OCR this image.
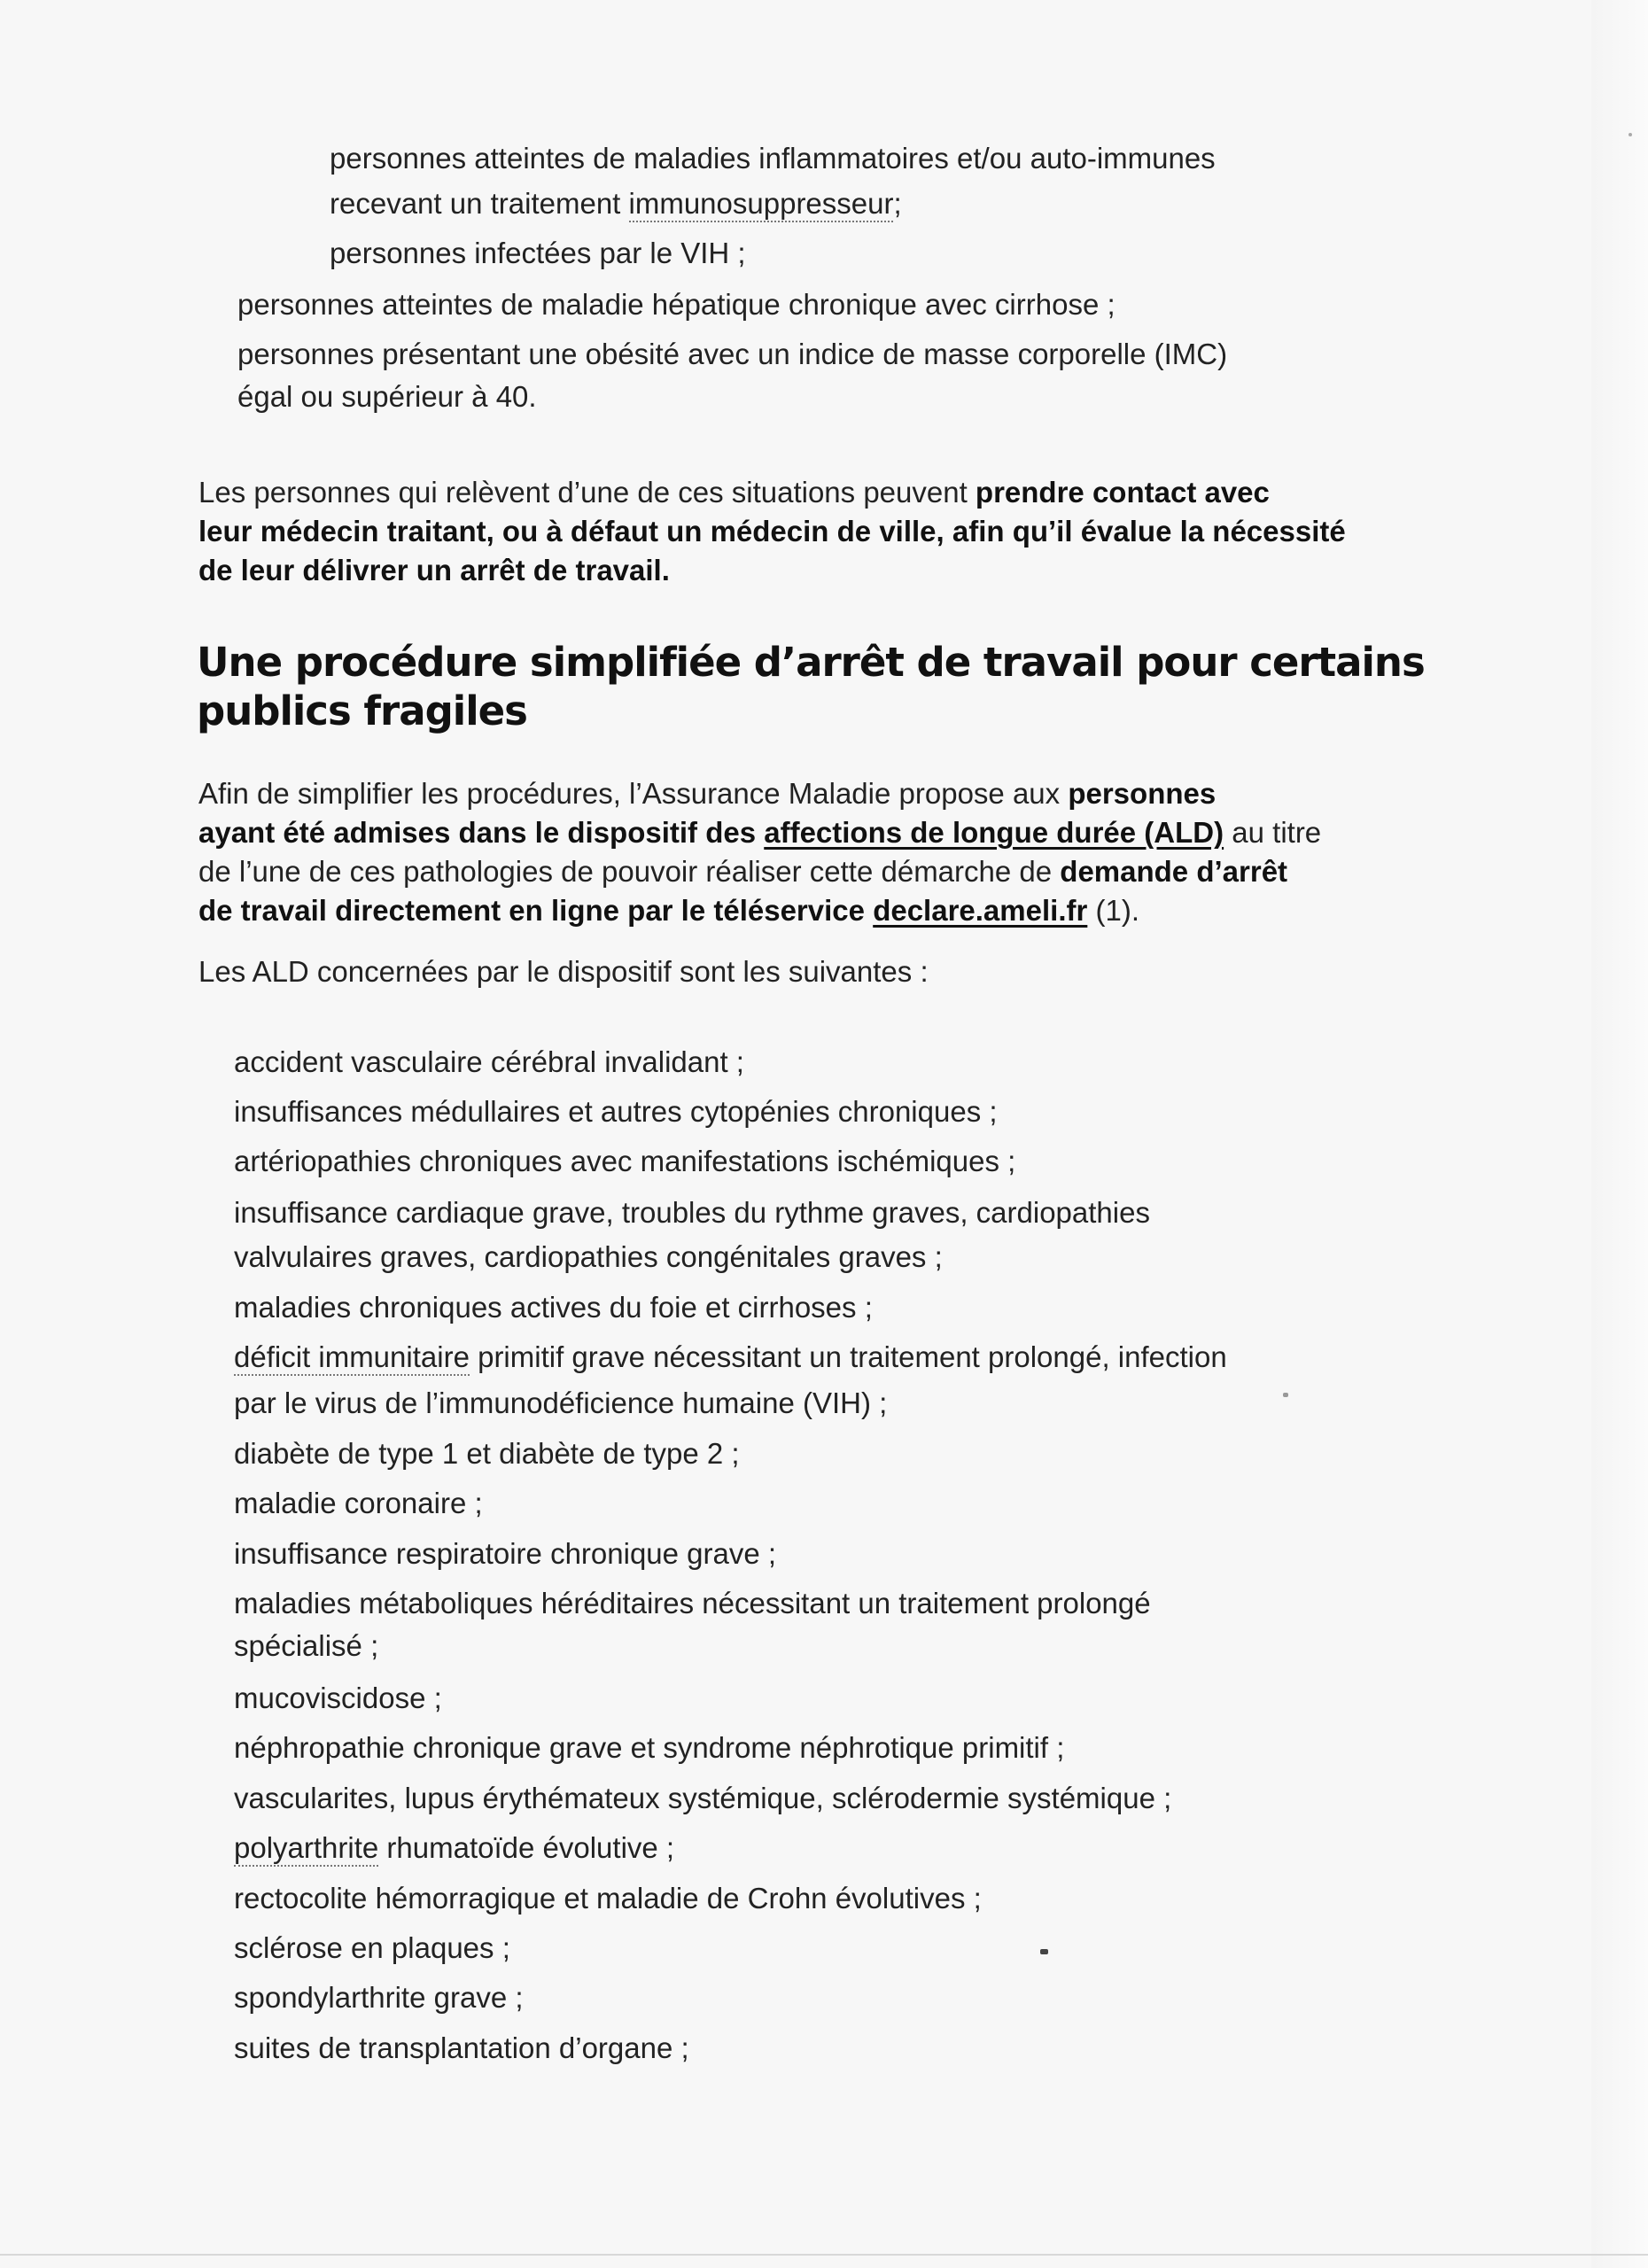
personnes atteintes de maladies inflammatoires et/ou auto-immunes

recevant un traitement immunosuppresseur;

personnes infectées par le VIH ;

personnes atteintes de maladie hépatique chronique avec cirrhose ;

personnes présentant une obésité avec un indice de masse corporelle (IMC)

égal ou supérieur à 40.

Les personnes qui relèvent d’une de ces situations peuvent prendre contact avec

leur médecin traitant, ou à défaut un médecin de ville, afin qu’il évalue la nécessité

de leur délivrer un arrêt de travail.

Une procédure simplifiée d’arrêt de travail pour certains
publics fragiles

Afin de simplifier les procédures, l’Assurance Maladie propose aux personnes

ayant été admises dans le dispositif des affections de longue durée (ALD) au titre

de l’une de ces pathologies de pouvoir réaliser cette démarche de demande d’arrêt

de travail directement en ligne par le téléservice declare.ameli.fr (1).

Les ALD concernées par le dispositif sont les suivantes :

accident vasculaire cérébral invalidant ;

insuffisances médullaires et autres cytopénies chroniques ;

artériopathies chroniques avec manifestations ischémiques ;

insuffisance cardiaque grave, troubles du rythme graves, cardiopathies

valvulaires graves, cardiopathies congénitales graves ;

maladies chroniques actives du foie et cirrhoses ;

déficit immunitaire primitif grave nécessitant un traitement prolongé, infection

par le virus de l’immunodéficience humaine (VIH) ;

diabète de type 1 et diabète de type 2 ;

maladie coronaire ;

insuffisance respiratoire chronique grave ;

maladies métaboliques héréditaires nécessitant un traitement prolongé

spécialisé ;

mucoviscidose ;

néphropathie chronique grave et syndrome néphrotique primitif ;

vascularites, lupus érythémateux systémique, sclérodermie systémique ;

polyarthrite rhumatoïde évolutive ;

rectocolite hémorragique et maladie de Crohn évolutives ;

sclérose en plaques ;

spondylarthrite grave ;

suites de transplantation d’organe ;
